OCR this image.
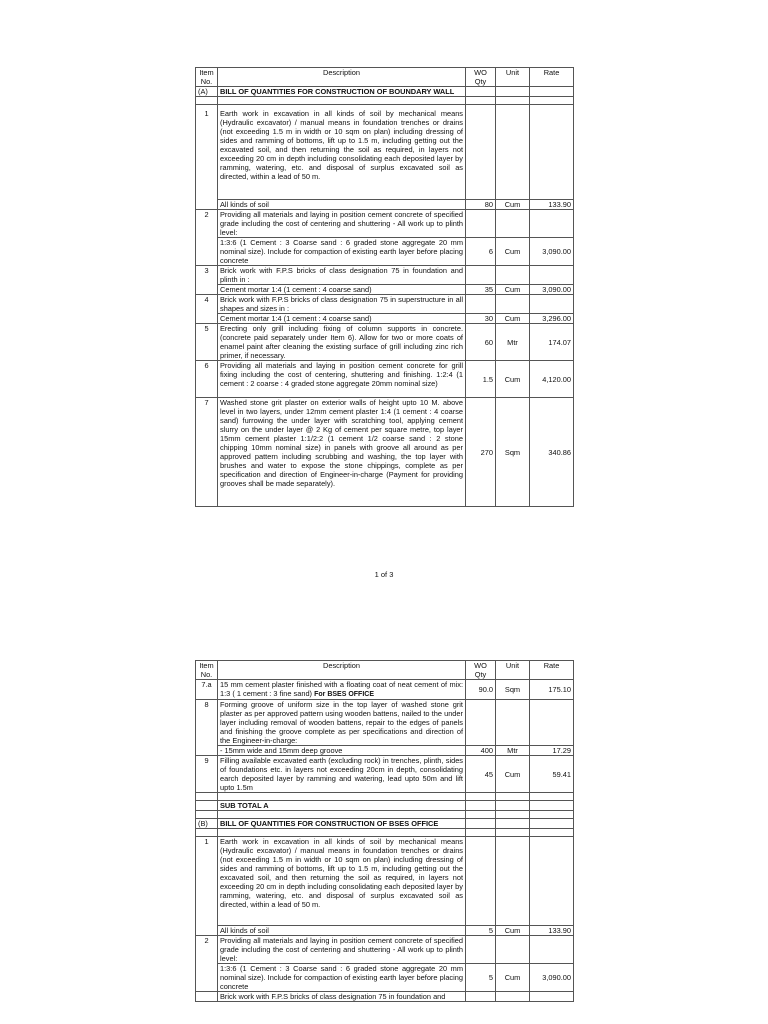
Item No.	Description	WO Qty	Unit	Rate
(A)	BILL OF QUANTITIES FOR CONSTRUCTION OF BOUNDARY WALL			

1	Earth work in excavation in all kinds of soil by mechanical means (Hydraulic excavator) / manual means in foundation trenches or drains (not exceeding 1.5 m in width or 10 sqm on plan) including dressing of sides and ramming of bottoms, lift up to 1.5 m, including getting out the excavated soil, and then returning the soil as required, in layers not exceeding 20 cm in depth including consolidating each deposited layer by ramming, watering, etc. and disposal of surplus excavated soil as directed, within a lead of 50 m.			
	All kinds of soil	80	Cum	133.90
2	Providing all materials and laying in position cement concrete of specified grade including the cost of centering and shuttering - All work up to plinth level:			
	1:3:6 (1 Cement : 3 Coarse sand : 6 graded stone aggregate 20 mm nominal size). Include for compaction of existing earth layer before placing concrete	6	Cum	3,090.00
3	Brick work with F.P.S bricks of class designation 75 in foundation and plinth in :			
	Cement mortar 1:4 (1 cement : 4 coarse sand)	35	Cum	3,090.00
4	Brick work with F.P.S bricks of class designation 75 in superstructure in all shapes and sizes in :			
	Cement mortar 1:4 (1 cement : 4 coarse sand)	30	Cum	3,296.00
5	Erecting only grill including fixing of column supports in concrete. (concrete paid separately under Item 6). Allow for two or more coats of enamel paint after cleaning the existing surface of grill including zinc rich primer, if necessary.	60	Mtr	174.07
6	Providing all materials and laying in position cement concrete for grill fixing including the cost of centering, shuttering and finishing. 1:2:4 (1 cement : 2 coarse : 4 graded stone aggregate 20mm nominal size)	1.5	Cum	4,120.00
7	Washed stone grit plaster on exterior walls of height upto 10 M. above level in two layers, under 12mm cement plaster 1:4 (1 cement : 4 coarse sand) furrowing the under layer with scratching tool, applying cement slurry on the under layer @ 2 Kg of cement per square metre, top layer 15mm cement plaster 1:1/2:2 (1 cement 1/2 coarse sand : 2 stone chipping 10mm nominal size) in panels with groove all around as per approved pattern including scrubbing and washing, the top layer with brushes and water to expose the stone chippings, complete as per specification and direction of Engineer-in-charge (Payment for providing grooves shall be made separately).	270	Sqm	340.86
1 of 3
Item No.	Description	WO Qty	Unit	Rate
7.a	15 mm cement plaster finished with a floating coat of neat cement of mix: 1:3 ( 1 cement : 3 fine sand) For BSES OFFICE	90.0	Sqm	175.10
8	Forming groove of uniform size in the top layer of washed stone grit plaster as per approved pattern using wooden battens, nailed to the under layer including removal of wooden battens, repair to the edges of panels and finishing the groove complete as per specifications and direction of the Engineer-in-charge:			
	- 15mm wide and 15mm deep groove	400	Mtr	17.29
9	Filling available excavated earth (excluding rock) in trenches, plinth, sides of foundations etc. in layers not exceeding 20cm in depth, consolidating earch deposited layer by ramming and watering, lead upto 50m and lift upto 1.5m	45	Cum	59.41

	SUB TOTAL A			

(B)	BILL OF QUANTITIES FOR CONSTRUCTION OF BSES OFFICE			

1	Earth work in excavation in all kinds of soil by mechanical means (Hydraulic excavator) / manual means in foundation trenches or drains (not exceeding 1.5 m in width or 10 sqm on plan) including dressing of sides and ramming of bottoms, lift up to 1.5 m, including getting out the excavated soil, and then returning the soil as required, in layers not exceeding 20 cm in depth including consolidating each deposited layer by ramming, watering, etc. and disposal of surplus excavated soil as directed, within a lead of 50 m.			
	All kinds of soil	5	Cum	133.90
2	Providing all materials and laying in position cement concrete of specified grade including the cost of centering and shuttering - All work up to plinth level:			
	1:3:6 (1 Cement : 3 Coarse sand : 6 graded stone aggregate 20 mm nominal size). Include for compaction of existing earth layer before placing concrete	5	Cum	3,090.00
	Brick work with F.P.S bricks of class designation 75 in foundation and			
